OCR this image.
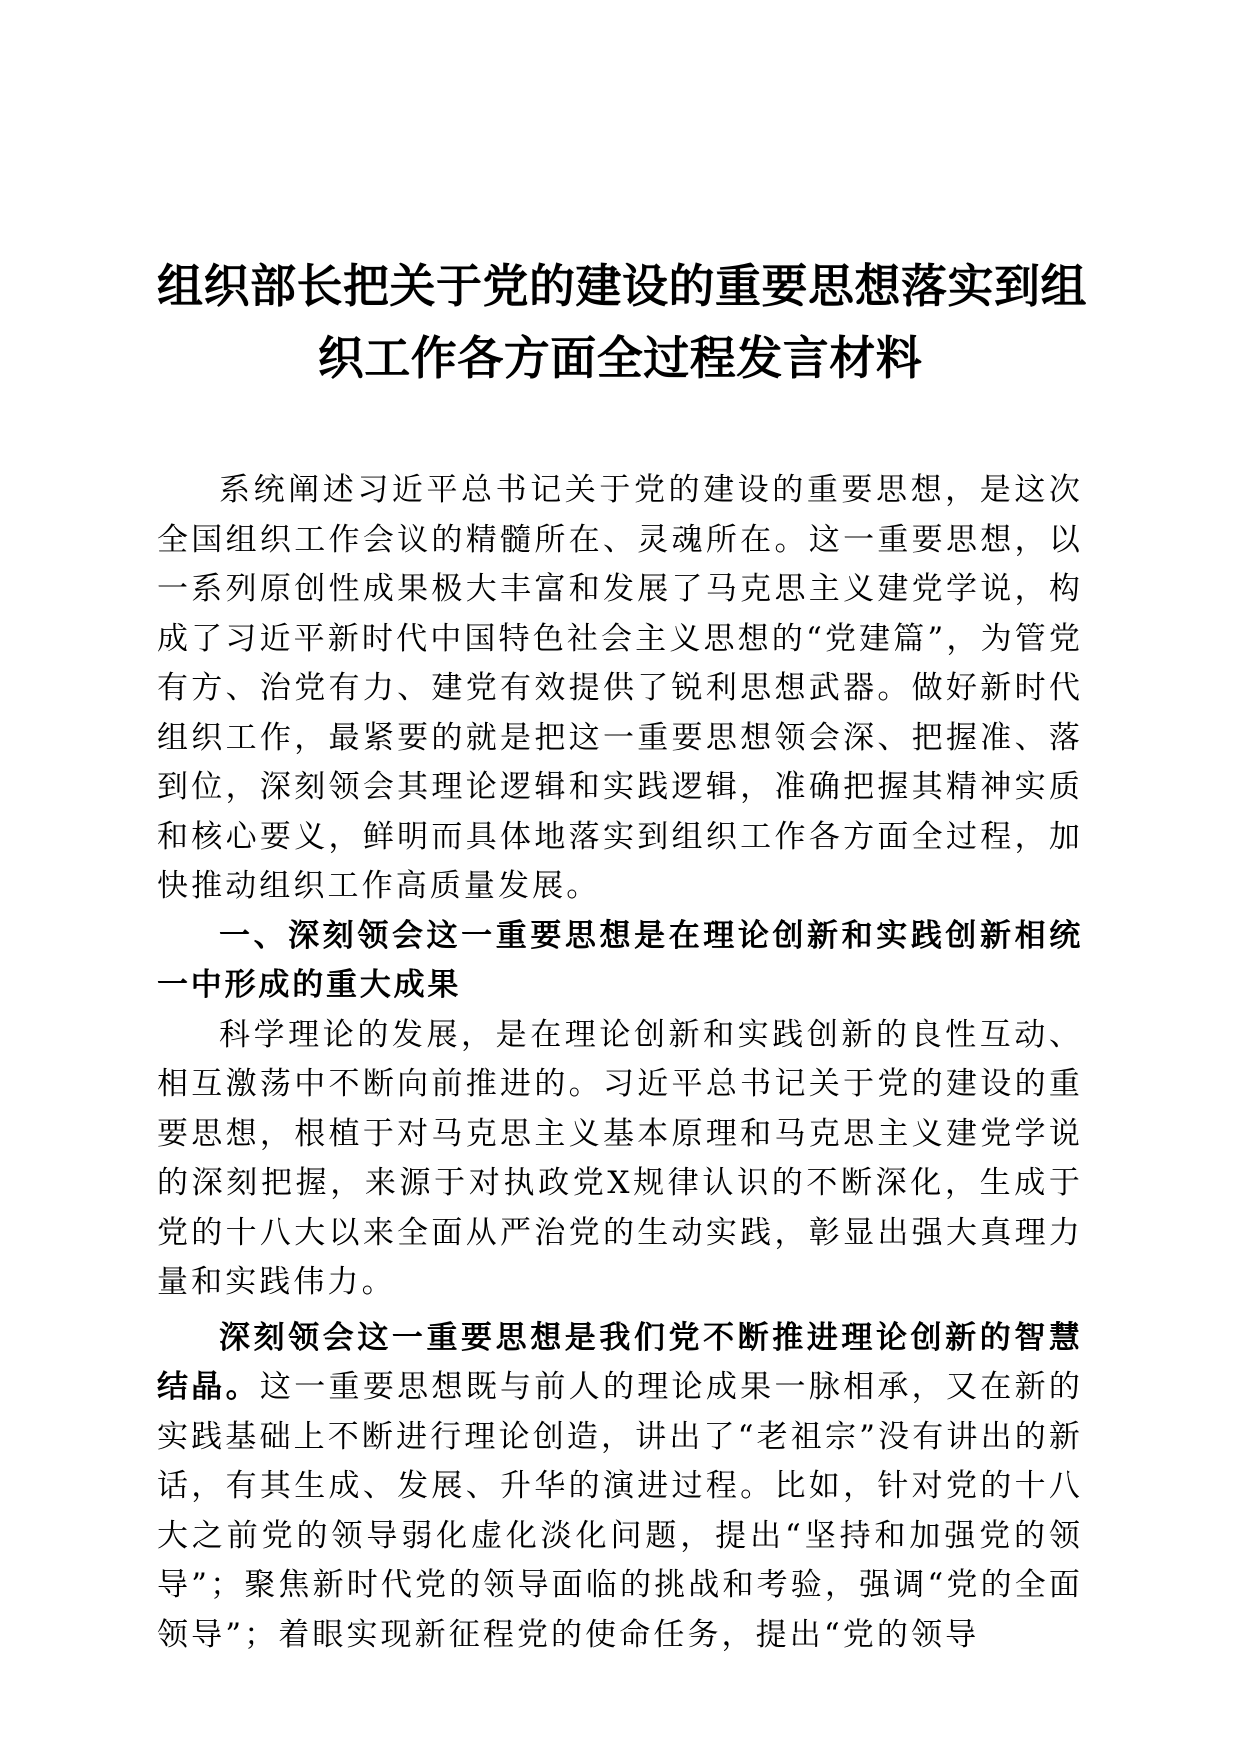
组织部长把关于党的建设的重要思想落实到组
织工作各方面全过程发言材料

系统阐述习近平总书记关于党的建设的重要思想，是这次全国组织工作会议的精髓所在、灵魂所在。这一重要思想，以一系列原创性成果极大丰富和发展了马克思主义建党学说，构成了习近平新时代中国特色社会主义思想的“党建篇”，为管党有方、治党有力、建党有效提供了锐利思想武器。做好新时代组织工作，最紧要的就是把这一重要思想领会深、把握准、落到位，深刻领会其理论逻辑和实践逻辑，准确把握其精神实质和核心要义，鲜明而具体地落实到组织工作各方面全过程，加快推动组织工作高质量发展。

一、深刻领会这一重要思想是在理论创新和实践创新相统一中形成的重大成果

科学理论的发展，是在理论创新和实践创新的良性互动、相互激荡中不断向前推进的。习近平总书记关于党的建设的重要思想，根植于对马克思主义基本原理和马克思主义建党学说的深刻把握，来源于对执政党X规律认识的不断深化，生成于党的十八大以来全面从严治党的生动实践，彰显出强大真理力量和实践伟力。

深刻领会这一重要思想是我们党不断推进理论创新的智慧结晶。这一重要思想既与前人的理论成果一脉相承，又在新的实践基础上不断进行理论创造，讲出了“老祖宗”没有讲出的新话，有其生成、发展、升华的演进过程。比如，针对党的十八大之前党的领导弱化虚化淡化问题，提出“坚持和加强党的领导”；聚焦新时代党的领导面临的挑战和考验，强调“党的全面领导”；着眼实现新征程党的使命任务，提出“党的领导
